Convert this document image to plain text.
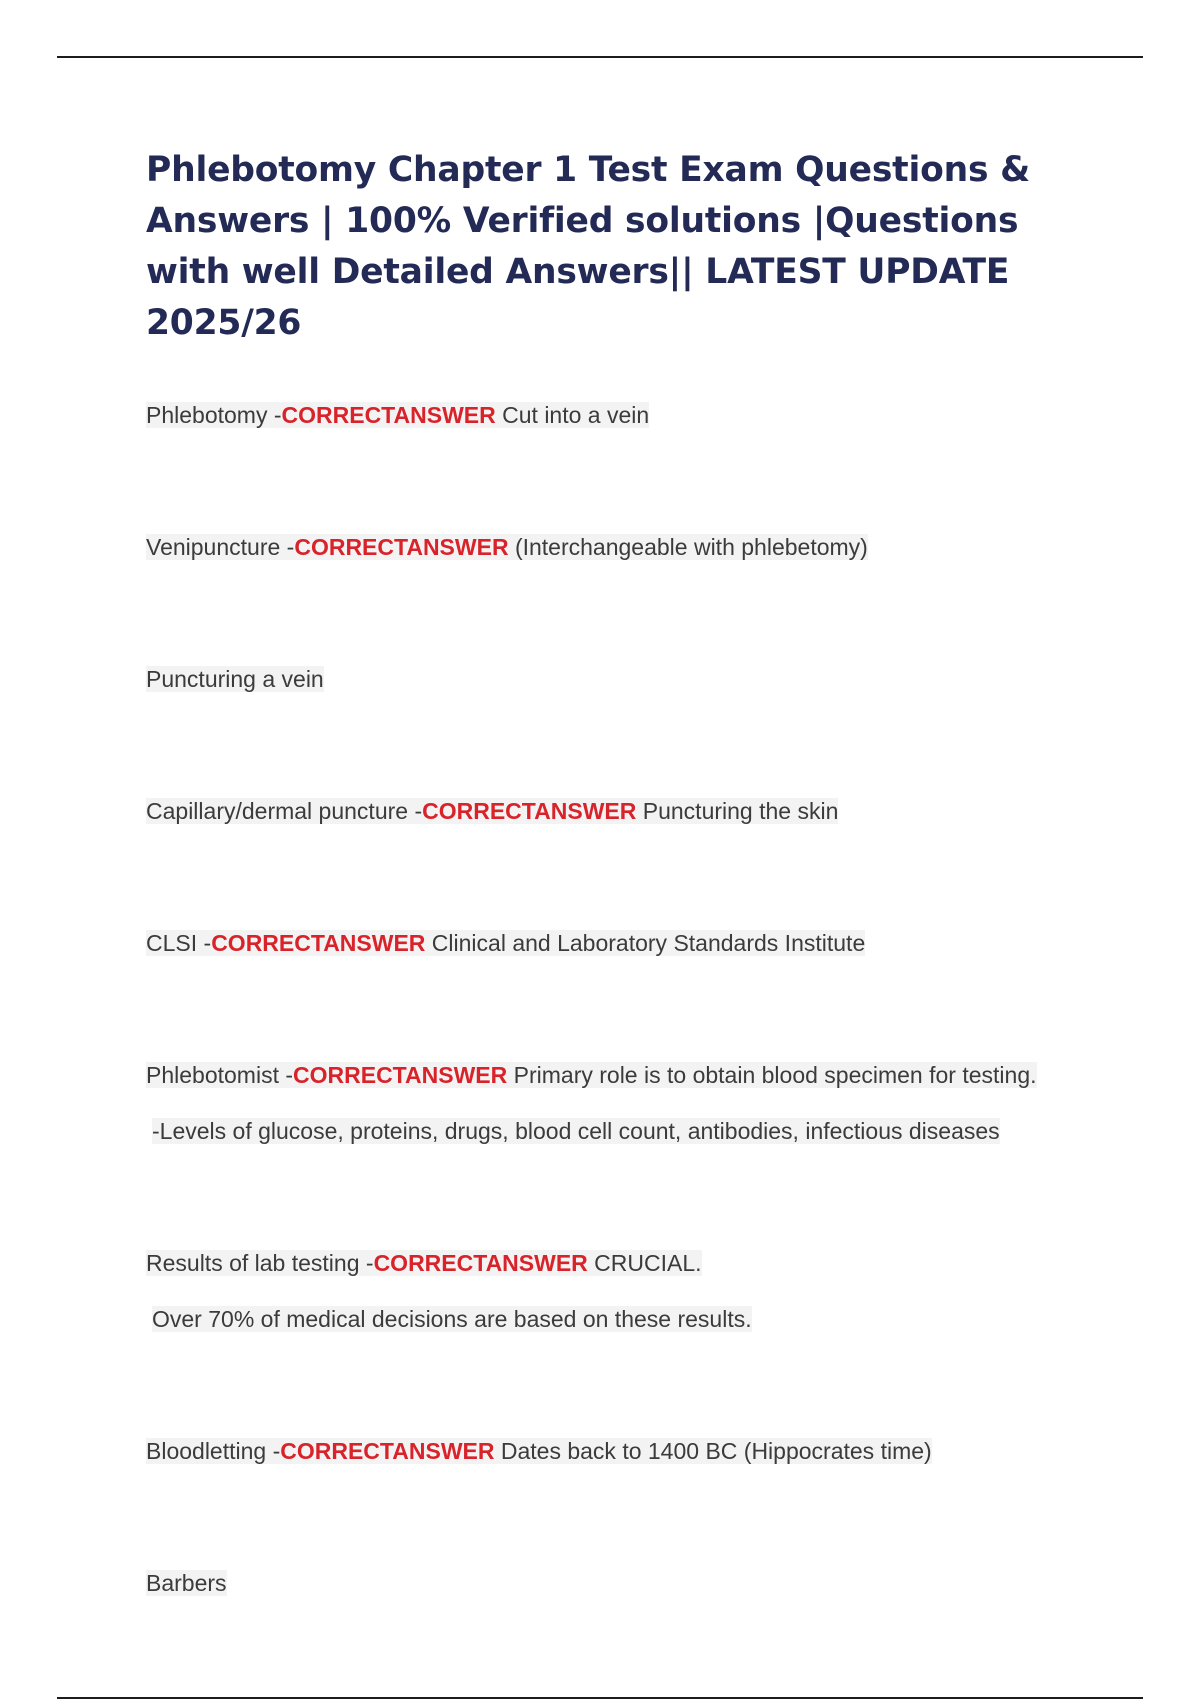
Phlebotomy Chapter 1 Test Exam Questions & Answers | 100% Verified solutions |Questions with well Detailed Answers|| LATEST UPDATE 2025/26

Phlebotomy -CORRECTANSWER Cut into a vein

Venipuncture -CORRECTANSWER (Interchangeable with phlebetomy)

Puncturing a vein

Capillary/dermal puncture -CORRECTANSWER Puncturing the skin

CLSI -CORRECTANSWER Clinical and Laboratory Standards Institute

Phlebotomist -CORRECTANSWER Primary role is to obtain blood specimen for testing.

-Levels of glucose, proteins, drugs, blood cell count, antibodies, infectious diseases

Results of lab testing -CORRECTANSWER CRUCIAL.

Over 70% of medical decisions are based on these results.

Bloodletting -CORRECTANSWER Dates back to 1400 BC (Hippocrates time)

Barbers
